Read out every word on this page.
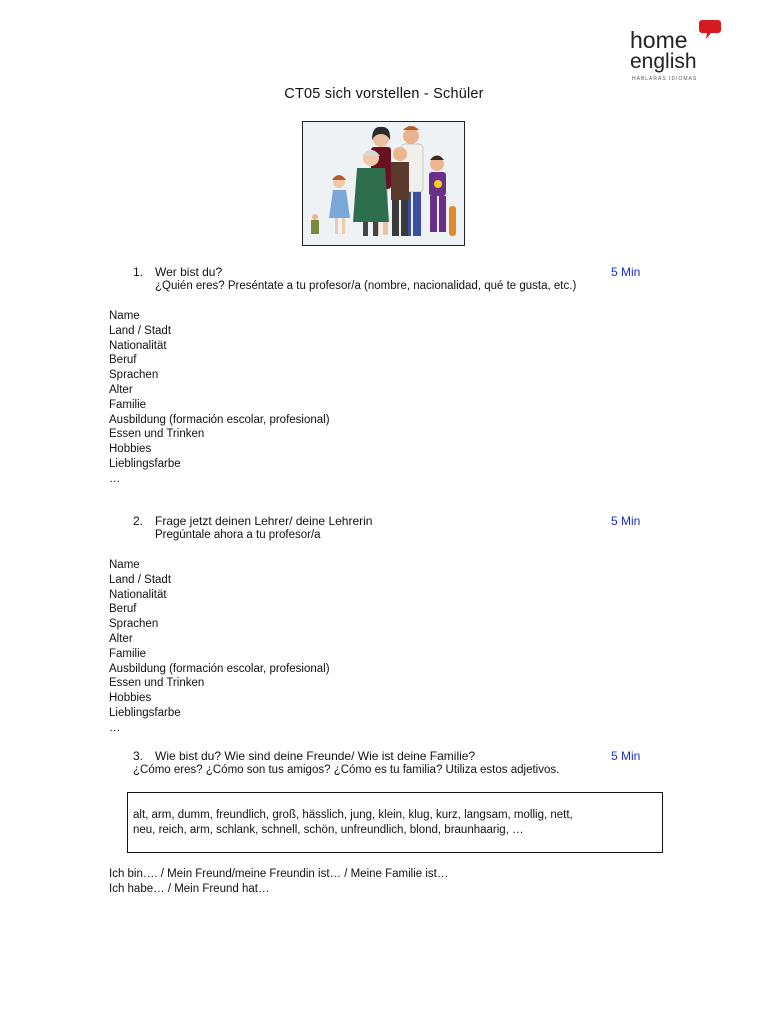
home
english
HABLARÁS IDIOMAS
CT05 sich vorstellen - Schüler
1. Wer bist du?	5 Min
¿Quién eres? Preséntate a tu profesor/a (nombre, nacionalidad, qué te gusta, etc.)
Name
Land / Stadt
Nationalität
Beruf
Sprachen
Alter
Familie
Ausbildung (formación escolar, profesional)
Essen und Trinken
Hobbies
Lieblingsfarbe
…
2. Frage jetzt deinen Lehrer/ deine Lehrerin	5 Min
Pregúntale ahora a tu profesor/a
Name
Land / Stadt
Nationalität
Beruf
Sprachen
Alter
Familie
Ausbildung (formación escolar, profesional)
Essen und Trinken
Hobbies
Lieblingsfarbe
…
3. Wie bist du? Wie sind deine Freunde/ Wie ist deine Familie?	5 Min
¿Cómo eres? ¿Cómo son tus amigos? ¿Cómo es tu familia? Utiliza estos adjetivos.
alt, arm, dumm, freundlich, groß, hässlich, jung, klein, klug, kurz, langsam, mollig, nett,
neu, reich, arm, schlank, schnell, schön, unfreundlich, blond, braunhaarig, …
Ich bin…. / Mein Freund/meine Freundin ist… / Meine Familie ist…
Ich habe… / Mein Freund hat…
